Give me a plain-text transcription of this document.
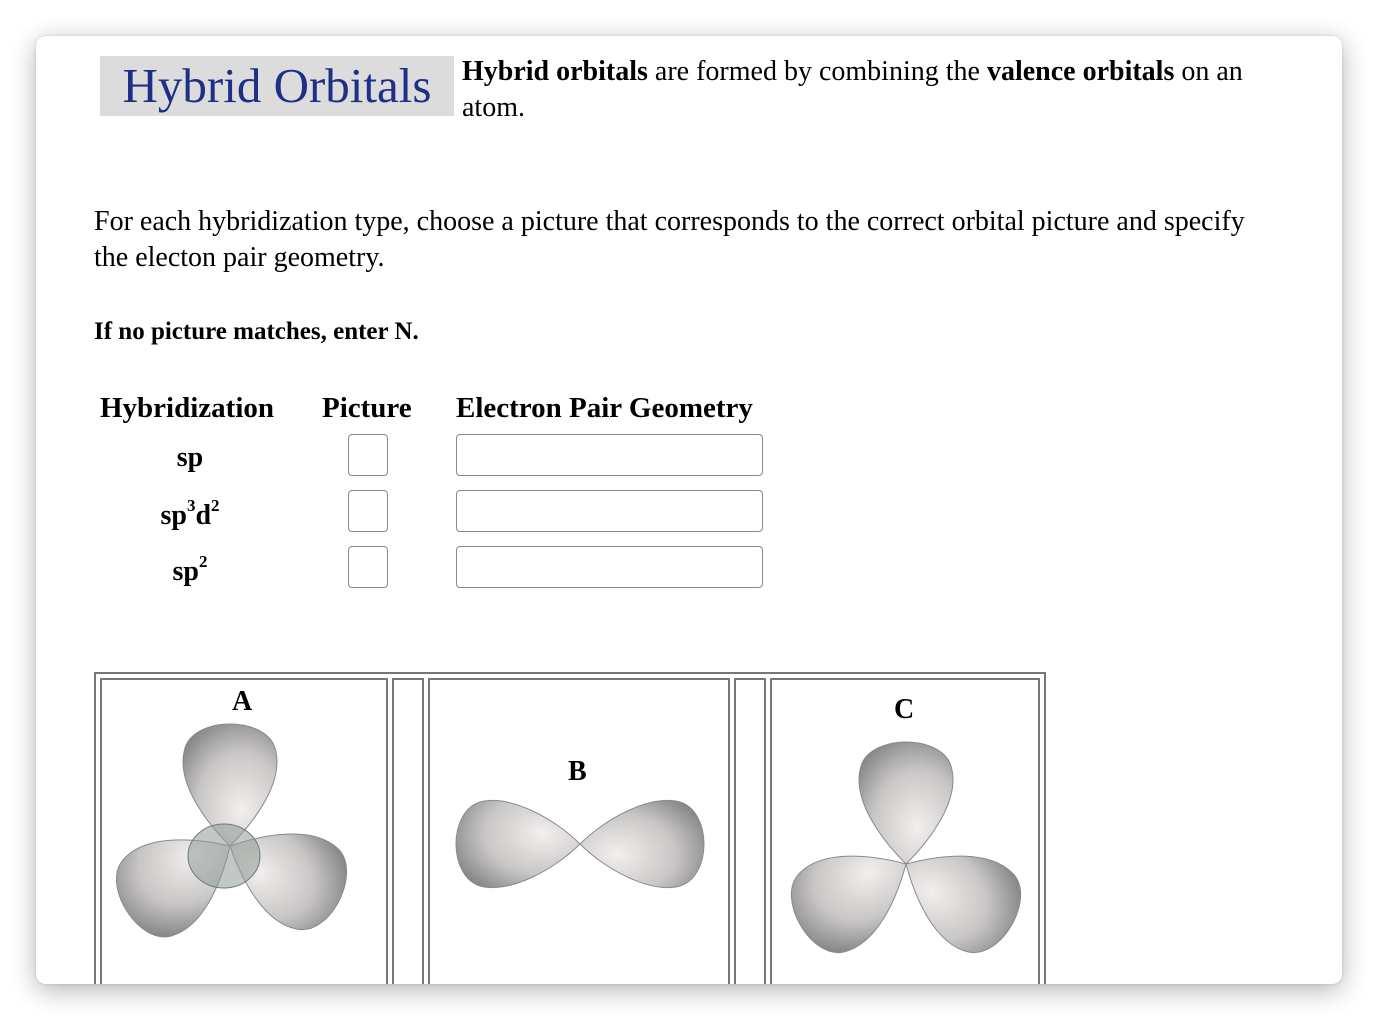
Hybrid Orbitals	Hybrid orbitals are formed by combining the valence orbitals on an atom.
For each hybridization type, choose a picture that corresponds to the correct orbital picture and specify the electon pair geometry.
If no picture matches, enter N.
Hybridization Picture Electron Pair Geometry
sp
$sp^3d^2$
$sp^2$
A
B
C
